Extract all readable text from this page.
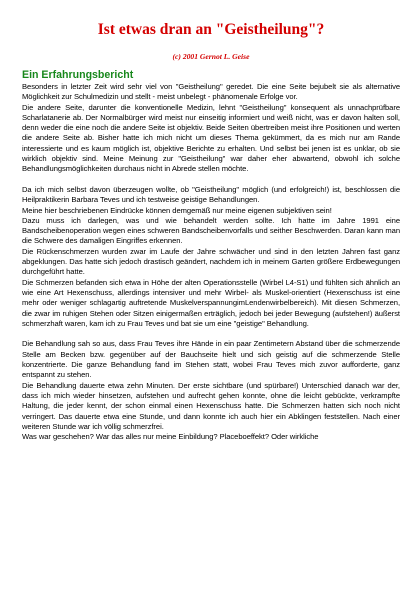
Ist etwas dran an "Geistheilung"?
(c) 2001 Gernot L. Geise
Ein Erfahrungsbericht

Besonders in letzter Zeit wird sehr viel von "Geistheilung" geredet. Die eine Seite bejubelt sie als alternative Möglichkeit zur Schulmedizin und stellt - meist unbelegt - phänomenale Erfolge vor.

Die andere Seite, darunter die konventionelle Medizin, lehnt "Geistheilung" konsequent als unnachprüfbare Scharlatanerie ab. Der Normalbürger wird meist nur einseitig informiert und weiß nicht, was er davon halten soll, denn weder die eine noch die andere Seite ist objektiv. Beide Seiten übertreiben meist ihre Positionen und werten die andere Seite ab. Bisher hatte ich mich nicht um dieses Thema gekümmert, da es mich nur am Rande interessierte und es kaum möglich ist, objektive Berichte zu erhalten. Und selbst bei jenen ist es unklar, ob sie wirklich objektiv sind. Meine Meinung zur "Geistheilung" war daher eher abwartend, obwohl ich solche Behandlungsmöglichkeiten durchaus nicht in Abrede stellen möchte.

Da ich mich selbst davon überzeugen wollte, ob "Geistheilung" möglich (und erfolgreich!) ist, beschlossen die Heilpraktikerin Barbara Teves und ich testweise geistige Behandlungen.

Meine hier beschriebenen Eindrücke können demgemäß nur meine eigenen subjektiven sein!

Dazu muss ich darlegen, was und wie behandelt werden sollte. Ich hatte im Jahre 1991 eine Bandscheibenoperation wegen eines schweren Bandscheibenvorfalls und seither Beschwerden. Daran kann man die Schwere des damaligen Eingriffes erkennen.

Die Rückenschmerzen wurden zwar im Laufe der Jahre schwächer und sind in den letzten Jahren fast ganz abgeklungen. Das hatte sich jedoch drastisch geändert, nachdem ich in meinem Garten größere Erdbewegungen durchgeführt hatte.

Die Schmerzen befanden sich etwa in Höhe der alten Operationsstelle (Wirbel L4-S1) und fühlten sich ähnlich an wie eine Art Hexenschuss, allerdings intensiver und mehr Wirbel- als Muskel-orientiert (Hexenschuss ist eine mehr oder weniger schlagartig auftretende MuskelverspannungimLendenwirbelbereich). Mit diesen Schmerzen, die zwar im ruhigen Stehen oder Sitzen einigermaßen erträglich, jedoch bei jeder Bewegung (aufstehen!) äußerst schmerzhaft waren, kam ich zu Frau Teves und bat sie um eine "geistige" Behandlung.

Die Behandlung sah so aus, dass Frau Teves ihre Hände in ein paar Zentimetern Abstand über die schmerzende Stelle am Becken bzw. gegenüber auf der Bauchseite hielt und sich geistig auf die schmerzende Stelle konzentrierte. Die ganze Behandlung fand im Stehen statt, wobei Frau Teves mich zuvor aufforderte, ganz entspannt zu stehen.

Die Behandlung dauerte etwa zehn Minuten. Der erste sichtbare (und spürbare!) Unterschied danach war der, dass ich mich wieder hinsetzen, aufstehen und aufrecht gehen konnte, ohne die leicht gebückte, verkrampfte Haltung, die jeder kennt, der schon einmal einen Hexenschuss hatte. Die Schmerzen hatten sich noch nicht verringert. Das dauerte etwa eine Stunde, und dann konnte ich auch hier ein Abklingen feststellen. Nach einer weiteren Stunde war ich völlig schmerzfrei.

Was war geschehen? War das alles nur meine Einbildung? Placeboeffekt? Oder wirkliche
